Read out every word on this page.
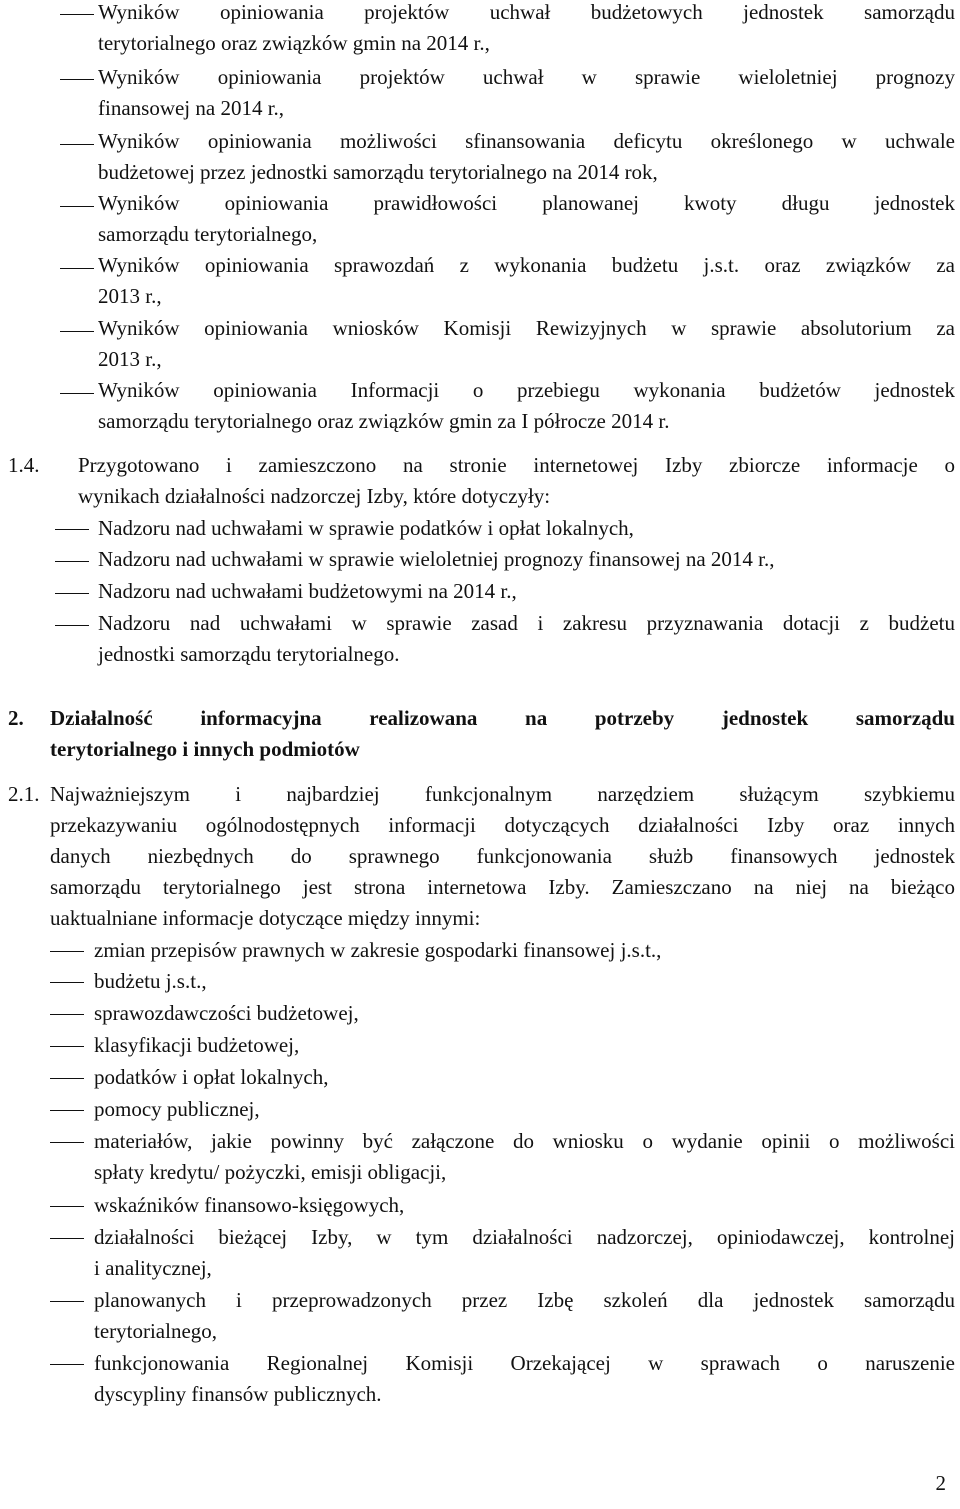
Wyników opiniowania projektów uchwał budżetowych jednostek samorządu
terytorialnego oraz związków gmin na 2014 r.,
Wyników opiniowania projektów uchwał w sprawie wieloletniej prognozy
finansowej na 2014 r.,
Wyników opiniowania możliwości sfinansowania deficytu określonego w uchwale
budżetowej przez jednostki samorządu terytorialnego na 2014 rok,
Wyników opiniowania prawidłowości planowanej kwoty długu jednostek
samorządu terytorialnego,
Wyników opiniowania sprawozdań z wykonania budżetu j.s.t. oraz związków za
2013 r.,
Wyników opiniowania wniosków Komisji Rewizyjnych w sprawie absolutorium za
2013 r.,
Wyników opiniowania Informacji o przebiegu wykonania budżetów jednostek
samorządu terytorialnego oraz związków gmin za I półrocze 2014 r.
1.4. Przygotowano i zamieszczono na stronie internetowej Izby zbiorcze informacje o
wynikach działalności nadzorczej Izby, które dotyczyły:
Nadzoru nad uchwałami w sprawie podatków i opłat lokalnych,
Nadzoru nad uchwałami w sprawie wieloletniej prognozy finansowej na 2014 r.,
Nadzoru nad uchwałami budżetowymi na 2014 r.,
Nadzoru nad uchwałami w sprawie zasad i zakresu przyznawania dotacji z budżetu
jednostki samorządu terytorialnego.
2. Działalność informacyjna realizowana na potrzeby jednostek samorządu
terytorialnego i innych podmiotów
2.1. Najważniejszym i najbardziej funkcjonalnym narzędziem służącym szybkiemu
przekazywaniu ogólnodostępnych informacji dotyczących działalności Izby oraz innych
danych niezbędnych do sprawnego funkcjonowania służb finansowych jednostek
samorządu terytorialnego jest strona internetowa Izby. Zamieszczano na niej na bieżąco
uaktualniane informacje dotyczące między innymi:
zmian przepisów prawnych w zakresie gospodarki finansowej j.s.t.,
budżetu j.s.t.,
sprawozdawczości budżetowej,
klasyfikacji budżetowej,
podatków i opłat lokalnych,
pomocy publicznej,
materiałów, jakie powinny być załączone do wniosku o wydanie opinii o możliwości
spłaty kredytu/ pożyczki, emisji obligacji,
wskaźników finansowo-księgowych,
działalności bieżącej Izby, w tym działalności nadzorczej, opiniodawczej, kontrolnej
i analitycznej,
planowanych i przeprowadzonych przez Izbę szkoleń dla jednostek samorządu
terytorialnego,
funkcjonowania Regionalnej Komisji Orzekającej w sprawach o naruszenie
dyscypliny finansów publicznych.
2
